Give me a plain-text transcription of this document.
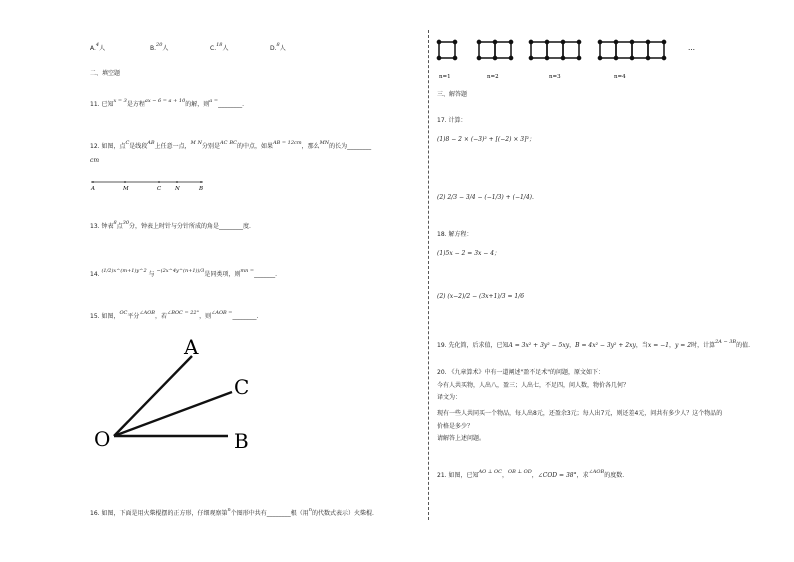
A.$^4$人	B.$^{20}$人	C.$^{18}$人	D.$^8$人
二、填空题
11. 已知$^{x = 3}$是方程$^{ax - 6 = a + 10}$的解，则$^{a =}$________.
12. 如图，点$^C$是线段$^{AB}$上任意一点，$^M$ $^N$分别是$^{AC}$ $^{BC}$的中点，如果$^{AB = 12cm}$，那么$^{MN}$的长为________
cm
A	M	C	N	B
13. 钟表$^8$点$^{30}$分，钟表上时针与分针所成的角是________度.
14. $^{(1/2)x\^{}(m+1)y\^{}2}$ 与 $^{-(2x\^{}4y\^{}(n+1))/3}$是同类项，则$^{mn =}$_______.
15. 如图，$^{OC}$平分$^{\angle AOB}$，若$^{\angle BOC = 22^\circ}$，则$^{\angle AOB =}$________.
A
C
O	B
16. 如图，下面是用火柴棍摆的正方形，仔细观察第$^n$个图形中共有________根（用$^n$的代数式表示）火柴棍.
…
n=1	n=2	n=3	n=4
三、解答题
17. 计算：
(1)8 − 2 × (−3)² + [(−2) × 3]²；
(2) 2/3 − 3/4 − (−1/3) + (−1/4).
18. 解方程：
(1)5x − 2 = 3x − 4；
(2) (x−2)/2 − (3x+1)/3 = 1/6
19. 先化简，后求值，已知A = 3x² + 3y² − 5xy，B = 4x² − 3y² + 2xy，当x = −1，y = 2时，计算$^{2A - 3B}$的值.
20. 《九章算术》中有一道阐述"盈不足术"的问题，原文如下：
今有人共买物，人出八，盈三；人出七，不足四，问人数，物价各几何？
译文为：
现有一些人共同买一个物品，每人出8元，还盈余3元；每人出7元，则还差4元，问共有多少人？这个物品的
价格是多少？
请解答上述问题。
21. 如图，已知$^{AO \perp OC}$，$^{OB \perp OD}$，∠COD = 38°，求$^{\angle AOB}$的度数.
